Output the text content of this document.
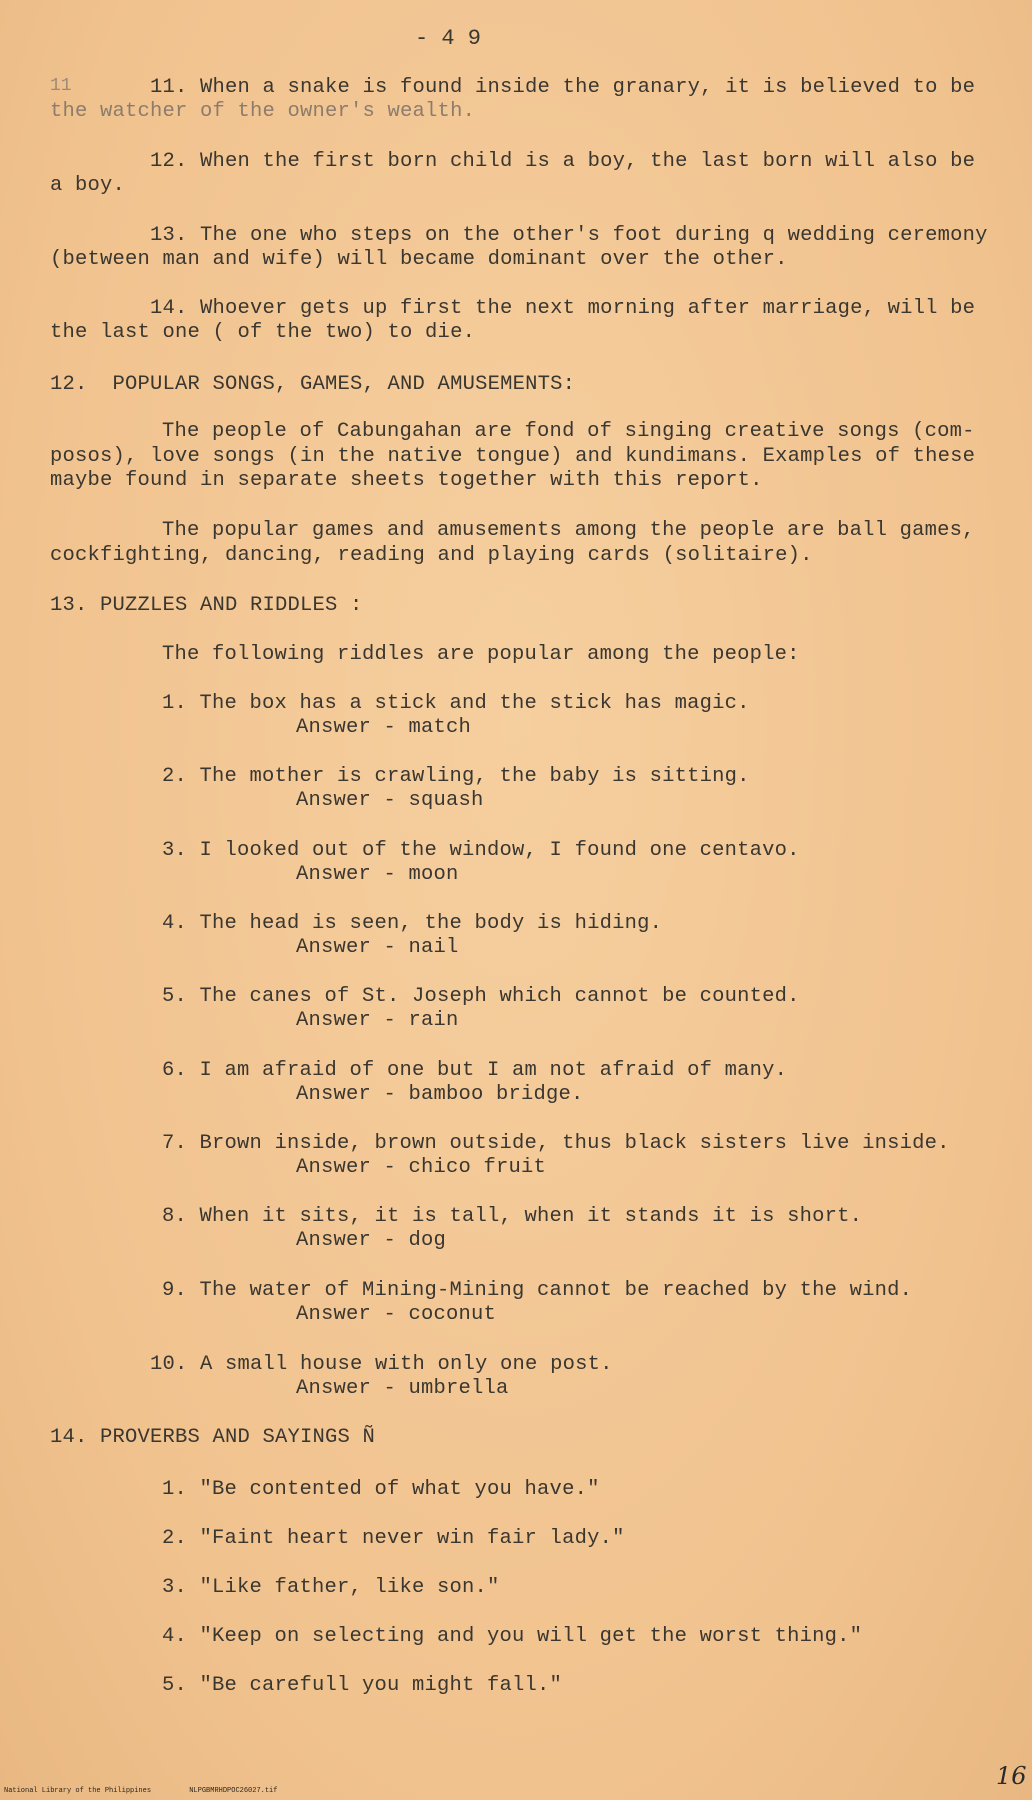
- 4 9
11	11. When a snake is found inside the granary, it is believed to be
the watcher of the owner's wealth.
12. When the first born child is a boy, the last born will also be
a boy.
13. The one who steps on the other's foot during q wedding ceremony
(between man and wife) will became dominant over the other.
14. Whoever gets up first the next morning after marriage, will be
the last one ( of the two) to die.
12.  POPULAR SONGS, GAMES, AND AMUSEMENTS:
The people of Cabungahan are fond of singing creative songs (com-
posos), love songs (in the native tongue) and kundimans. Examples of these
maybe found in separate sheets together with this report.
The popular games and amusements among the people are ball games,
cockfighting, dancing, reading and playing cards (solitaire).
13. PUZZLES AND RIDDLES :
The following riddles are popular among the people:
1. The box has a stick and the stick has magic.
Answer - match
2. The mother is crawling, the baby is sitting.
Answer - squash
3. I looked out of the window, I found one centavo.
Answer - moon
4. The head is seen, the body is hiding.
Answer - nail
5. The canes of St. Joseph which cannot be counted.
Answer - rain
6. I am afraid of one but I am not afraid of many.
Answer - bamboo bridge.
7. Brown inside, brown outside, thus black sisters live inside.
Answer - chico fruit
8. When it sits, it is tall, when it stands it is short.
Answer - dog
9. The water of Mining-Mining cannot be reached by the wind.
Answer - coconut
10. A small house with only one post.
Answer - umbrella
14. PROVERBS AND SAYINGS Ñ
1. "Be contented of what you have."
2. "Faint heart never win fair lady."
3. "Like father, like son."
4. "Keep on selecting and you will get the worst thing."
5. "Be carefull you might fall."
National Library of the Philippines	NLPGBMRHDPOC26027.tif
16
